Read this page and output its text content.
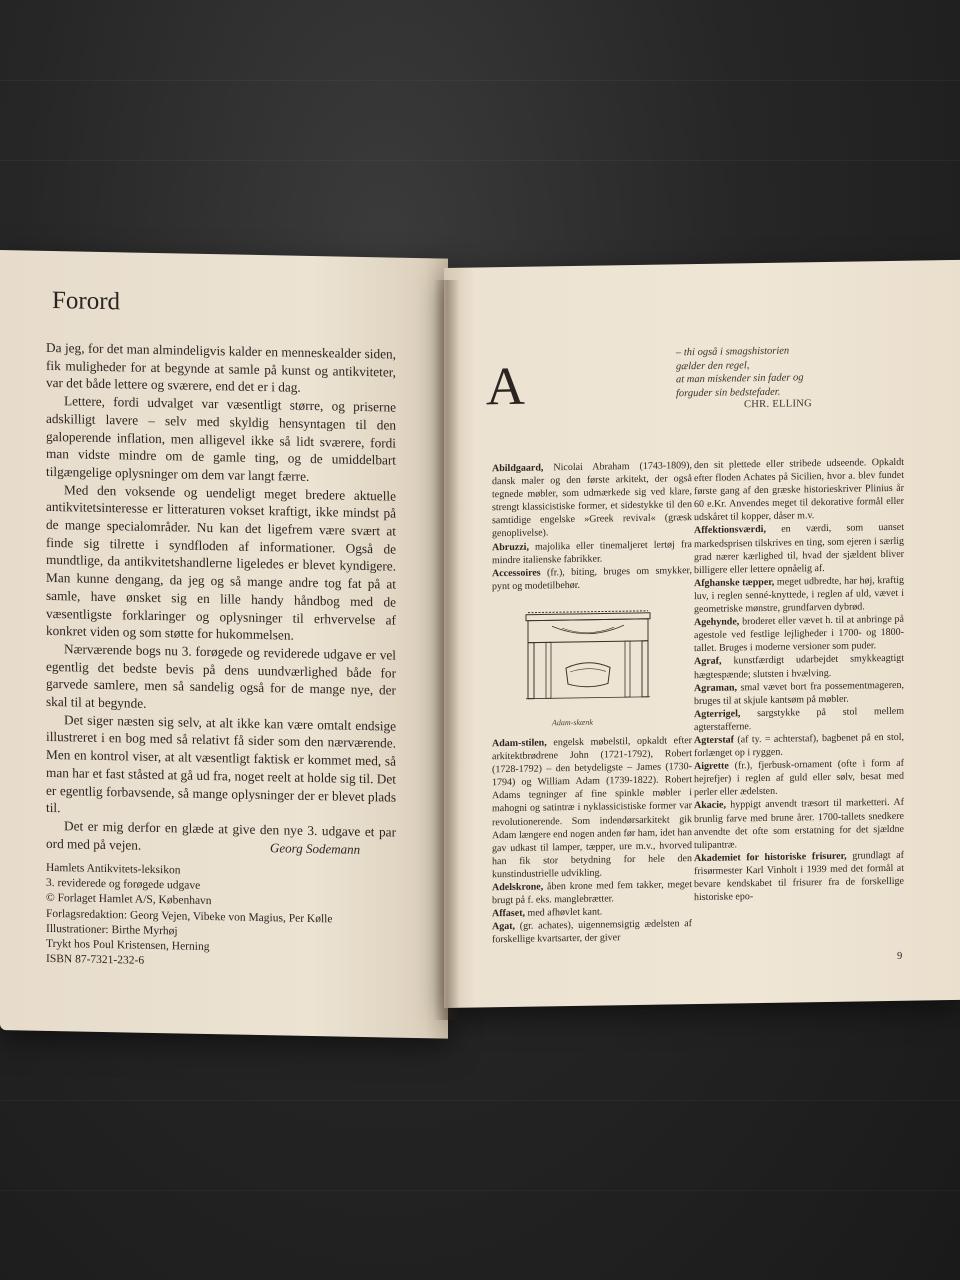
Forord

Da jeg, for det man almindeligvis kalder en menneskealder siden, fik muligheder for at begynde at samle på kunst og antikviteter, var det både lettere og sværere, end det er i dag.

Lettere, fordi udvalget var væsentligt større, og priserne adskilligt lavere – selv med skyldig hensyntagen til den galoperende inflation, men alligevel ikke så lidt sværere, fordi man vidste mindre om de gamle ting, og de umiddelbart tilgængelige oplysninger om dem var langt færre.

Med den voksende og uendeligt meget bredere aktuelle antikvitetsinteresse er litteraturen vokset kraftigt, ikke mindst på de mange specialområder. Nu kan det ligefrem være svært at finde sig tilrette i syndfloden af informationer. Også de mundtlige, da antikvitetshandlerne ligeledes er blevet kyndigere. Man kunne dengang, da jeg og så mange andre tog fat på at samle, have ønsket sig en lille handy håndbog med de væsentligste forklaringer og oplysninger til erhvervelse af konkret viden og som støtte for hukommelsen.

Nærværende bogs nu 3. forøgede og reviderede udgave er vel egentlig det bedste bevis på dens uundværlighed både for garvede samlere, men så sandelig også for de mange nye, der skal til at begynde.

Det siger næsten sig selv, at alt ikke kan være omtalt endsige illustreret i en bog med så relativt få sider som den nærværende. Men en kontrol viser, at alt væsentligt faktisk er kommet med, så man har et fast ståsted at gå ud fra, noget reelt at holde sig til. Det er egentlig forbavsende, så mange oplysninger der er blevet plads til.

Det er mig derfor en glæde at give den nye 3. udgave et par ord med på vejen.	Georg Sodemann
Hamlets Antikvitets-leksikon
3. reviderede og forøgede udgave
© Forlaget Hamlet A/S, København
Forlagsredaktion: Georg Vejen, Vibeke von Magius, Per Kølle
Illustrationer: Birthe Myrhøj
Trykt hos Poul Kristensen, Herning
ISBN 87-7321-232-6
A
– thi også i smagshistorien
gælder den regel,
at man miskender sin fader og
forguder sin bedstefader.
CHR. ELLING

Abildgaard, Nicolai Abraham (1743-1809), dansk maler og den første arkitekt, der også tegnede møbler, som udmærkede sig ved klare, strengt klassicistiske former, et sidestykke til den samtidige engelske »Greek revival« (græsk genoplivelse).

Abruzzi, majolika eller tinemaljeret lertøj fra mindre italienske fabrikker.

Accessoires (fr.), biting, bruges om smykker, pynt og modetilbehør.

Adam-skænk

Adam-stilen, engelsk møbelstil, opkaldt efter arkitektbrødrene John (1721-1792), Robert (1728-1792) – den betydeligste – James (1730-1794) og William Adam (1739-1822). Robert Adams tegninger af fine spinkle møbler i mahogni og satintræ i nyklassicistiske former var revolutionerende. Som indendørsarkitekt gik Adam længere end nogen anden før ham, idet han gav udkast til lamper, tæpper, ure m.v., hvorved han fik stor betydning for hele den kunstindustrielle udvikling.

Adelskrone, åben krone med fem takker, meget brugt på f. eks. manglebrætter.

Affaset, med afhøvlet kant.

Agat, (gr. achates), uigennemsigtig ædelsten af forskellige kvartsarter, der giver

den sit plettede eller stribede udseende. Opkaldt efter floden Achates på Sicilien, hvor a. blev fundet første gang af den græske historieskriver Plinius år 60 e.Kr. Anvendes meget til dekorative formål eller udskåret til kopper, dåser m.v.

Affektionsværdi, en værdi, som uanset markedsprisen tilskrives en ting, som ejeren i særlig grad nærer kærlighed til, hvad der sjældent bliver billigere eller lettere opnåelig af.

Afghanske tæpper, meget udbredte, har høj, kraftig luv, i reglen senné-knyttede, i reglen af uld, vævet i geometriske mønstre, grundfarven dybrød.

Agehynde, broderet eller vævet h. til at anbringe på agestole ved festlige lejligheder i 1700- og 1800-tallet. Bruges i moderne versioner som puder.

Agraf, kunstfærdigt udarbejdet smykkeagtigt hægtespænde; slutsten i hvælving.

Agraman, smal vævet bort fra possementmageren, bruges til at skjule kantsøm på møbler.

Agterrigel, sargstykke på stol mellem agterstafferne.

Agterstaf (af ty. = achterstaf), bagbenet på en stol, forlænget op i ryggen.

Aigrette (fr.), fjerbusk-ornament (ofte i form af hejrefjer) i reglen af guld eller sølv, besat med perler eller ædelsten.

Akacie, hyppigt anvendt træsort til marketteri. Af brunlig farve med brune årer. 1700-tallets snedkere anvendte det ofte som erstatning for det sjældne tulipantræ.

Akademiet for historiske frisurer, grundlagt af frisørmester Karl Vinholt i 1939 med det formål at bevare kendskabet til frisurer fra de forskellige historiske epo-

9
